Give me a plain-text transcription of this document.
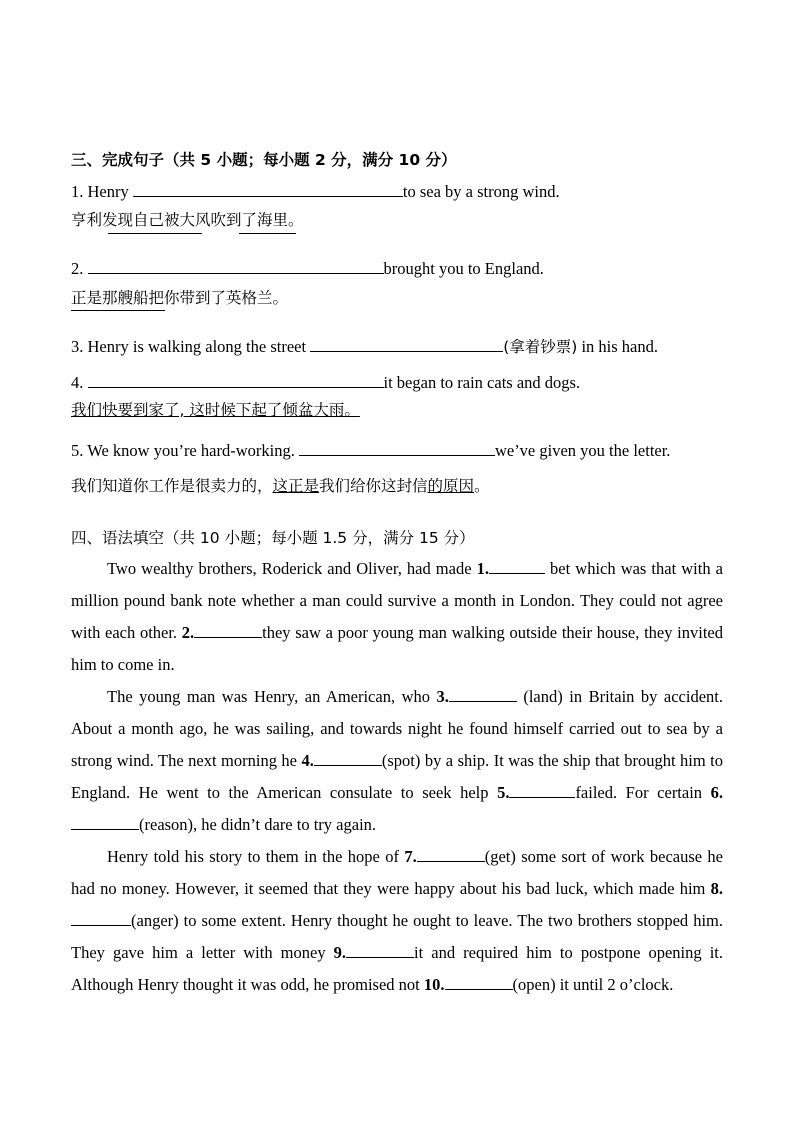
三、完成句子（共 5 小题；每小题 2 分，满分 10 分）
1. Henry	to sea by a strong wind.
亨利发现自己被大风吹到了海里。
2.	brought you to England.
正是那艘船把你带到了英格兰。
3. Henry is walking along the street	(拿着钞票) in his hand.
4.	it began to rain cats and dogs.
我们快要到家了, 这时候下起了倾盆大雨。
5. We know you’re hard-working.	we’ve given you the letter.
我们知道你工作是很卖力的，这正是我们给你这封信的原因。
四、语法填空（共 10 小题；每小题 1.5 分，满分 15 分）
Two wealthy brothers, Roderick and Oliver, had made 1.	bet which was that with a million pound bank note whether a man could survive a month in London. They could not agree with each other. 2.	they saw a poor young man walking outside their house, they invited him to come in.
The young man was Henry, an American, who 3.	(land) in Britain by accident. About a month ago, he was sailing, and towards night he found himself carried out to sea by a strong wind. The next morning he 4.	(spot) by a ship. It was the ship that brought him to England. He went to the American consulate to seek help 5.	failed. For certain 6.(reason), he didn’t dare to try again.
Henry told his story to them in the hope of 7.	(get) some sort of work because he had no money. However, it seemed that they were happy about his bad luck, which made him 8.(anger) to some extent. Henry thought he ought to leave. The two brothers stopped him. They gave him a letter with money 9.	it and required him to postpone opening it. Although Henry thought it was odd, he promised not 10.	(open) it until 2 o’clock.
